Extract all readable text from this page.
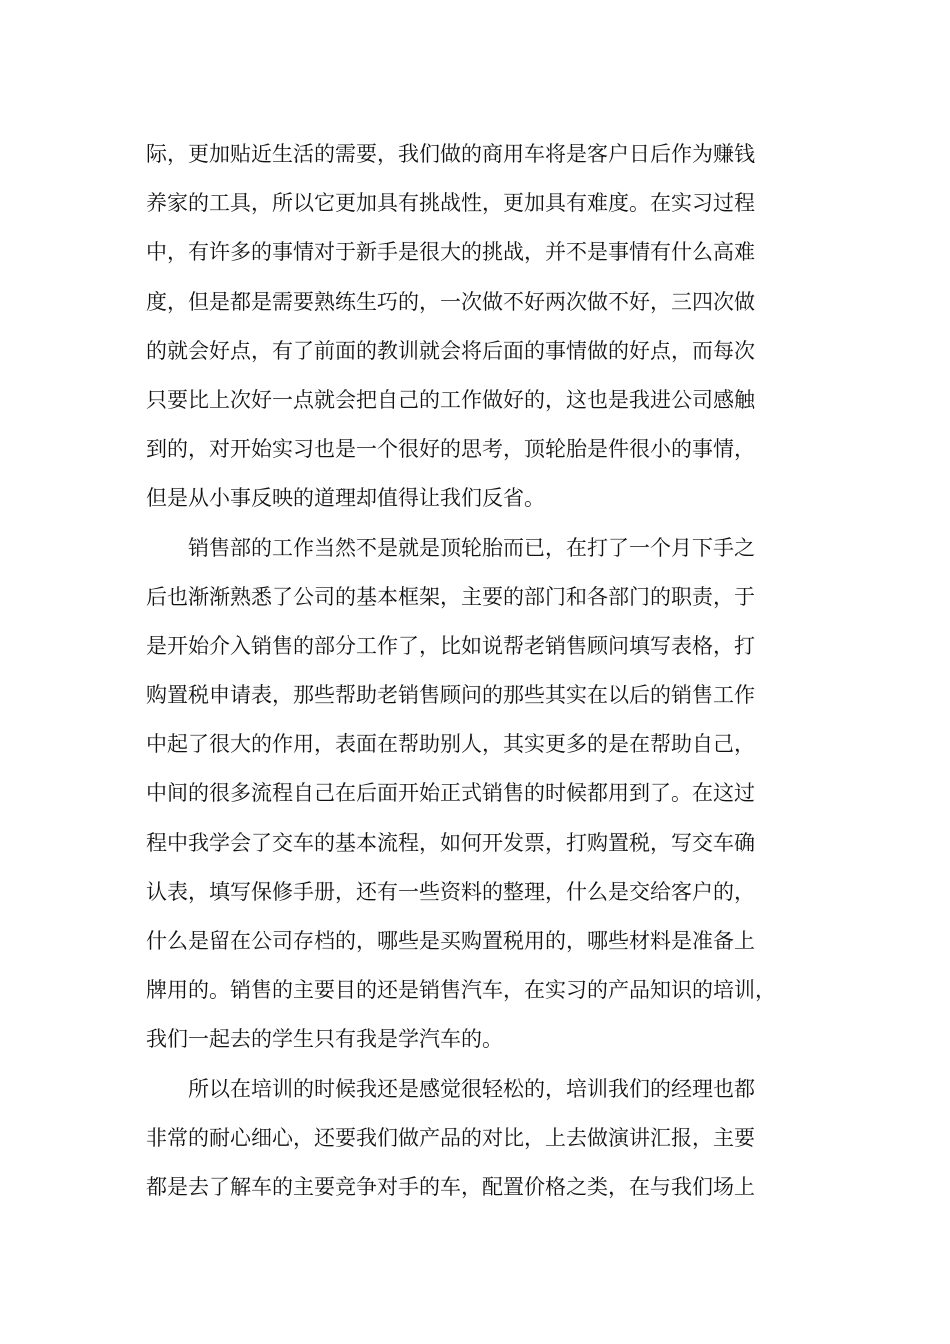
际，更加贴近生活的需要，我们做的商用车将是客户日后作为赚钱
养家的工具，所以它更加具有挑战性，更加具有难度。在实习过程
中，有许多的事情对于新手是很大的挑战，并不是事情有什么高难
度，但是都是需要熟练生巧的，一次做不好两次做不好，三四次做
的就会好点，有了前面的教训就会将后面的事情做的好点，而每次
只要比上次好一点就会把自己的工作做好的，这也是我进公司感触
到的，对开始实习也是一个很好的思考，顶轮胎是件很小的事情，
但是从小事反映的道理却值得让我们反省。
　　销售部的工作当然不是就是顶轮胎而已，在打了一个月下手之
后也渐渐熟悉了公司的基本框架，主要的部门和各部门的职责，于
是开始介入销售的部分工作了，比如说帮老销售顾问填写表格，打
购置税申请表，那些帮助老销售顾问的那些其实在以后的销售工作
中起了很大的作用，表面在帮助别人，其实更多的是在帮助自己，
中间的很多流程自己在后面开始正式销售的时候都用到了。在这过
程中我学会了交车的基本流程，如何开发票，打购置税，写交车确
认表，填写保修手册，还有一些资料的整理，什么是交给客户的，
什么是留在公司存档的，哪些是买购置税用的，哪些材料是准备上
牌用的。销售的主要目的还是销售汽车，在实习的产品知识的培训，
我们一起去的学生只有我是学汽车的。
　　所以在培训的时候我还是感觉很轻松的，培训我们的经理也都
非常的耐心细心，还要我们做产品的对比，上去做演讲汇报，主要
都是去了解车的主要竞争对手的车，配置价格之类，在与我们场上
